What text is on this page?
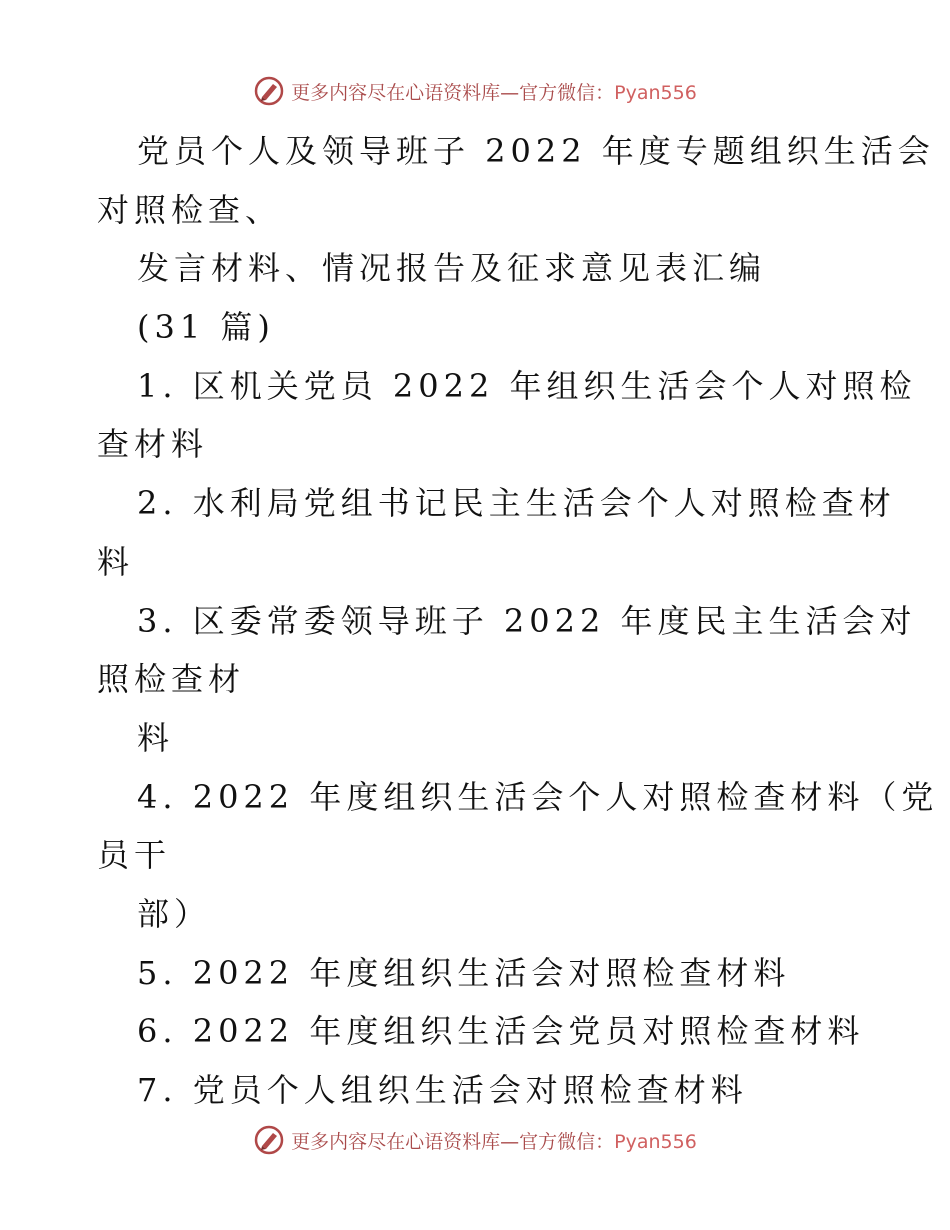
更多内容尽在心语资料库—官方微信：Pyan556
党员个人及领导班子 2022 年度专题组织生活会
对照检查、
发言材料、情况报告及征求意见表汇编
(31 篇)
1. 区机关党员 2022 年组织生活会个人对照检
查材料
2. 水利局党组书记民主生活会个人对照检查材
料
3. 区委常委领导班子 2022 年度民主生活会对
照检查材
料
4. 2022 年度组织生活会个人对照检查材料（党
员干
部）
5. 2022 年度组织生活会对照检查材料
6. 2022 年度组织生活会党员对照检查材料
7. 党员个人组织生活会对照检查材料
更多内容尽在心语资料库—官方微信：Pyan556
